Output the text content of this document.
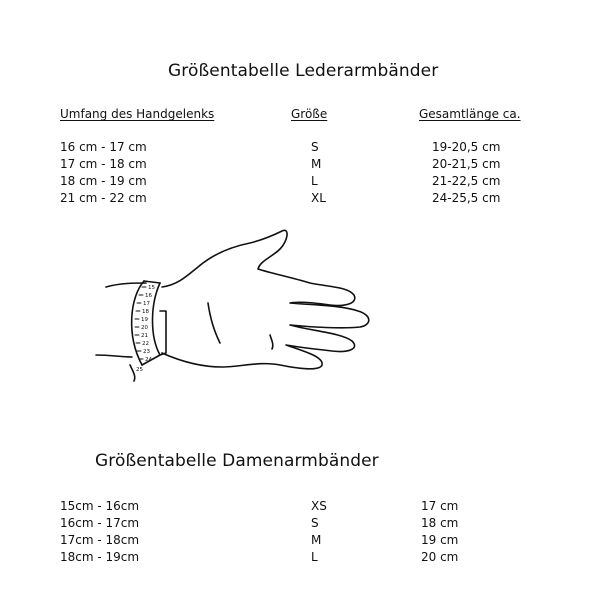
Größentabelle Lederarmbänder
Umfang des Handgelenks	Größe	Gesamtlänge ca.
16 cm - 17 cm	S	19-20,5 cm
17 cm - 18 cm	M	20-21,5 cm
18 cm - 19 cm	L	21-22,5 cm
21 cm - 22 cm	XL	24-25,5 cm
15
16
17
18
19
20
21
22
23
24
25
Größentabelle Damenarmbänder
15cm - 16cm	XS	17 cm
16cm - 17cm	S	18 cm
17cm - 18cm	M	19 cm
18cm - 19cm	L	20 cm
